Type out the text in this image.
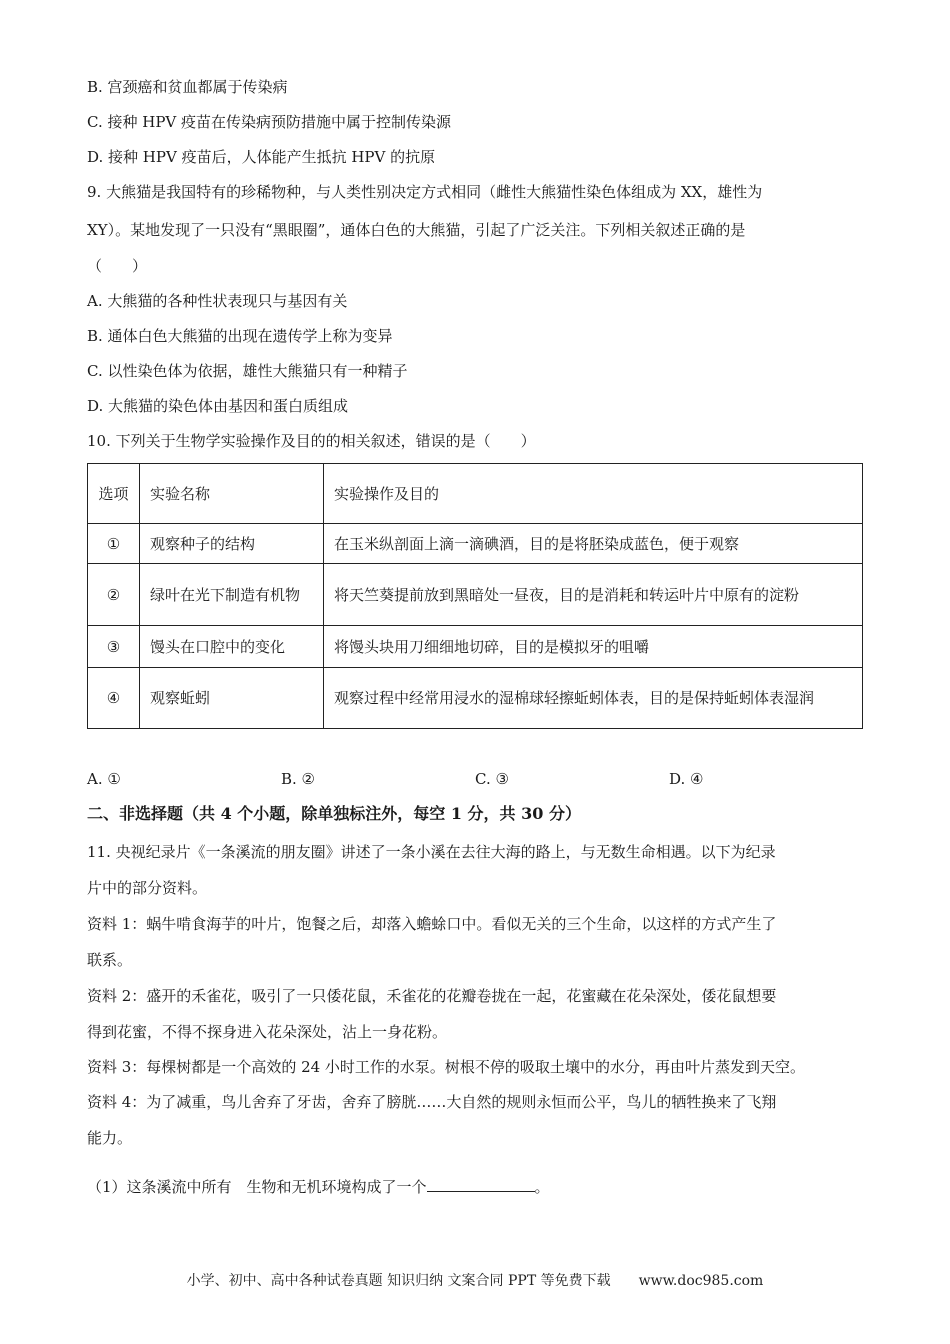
B. 宫颈癌和贫血都属于传染病
C. 接种 HPV 疫苗在传染病预防措施中属于控制传染源
D. 接种 HPV 疫苗后，人体能产生抵抗 HPV 的抗原
9. 大熊猫是我国特有的珍稀物种，与人类性别决定方式相同（雌性大熊猫性染色体组成为 XX，雄性为
XY）。某地发现了一只没有“黑眼圈”，通体白色的大熊猫，引起了广泛关注。下列相关叙述正确的是
（　　）
A. 大熊猫的各种性状表现只与基因有关
B. 通体白色大熊猫的出现在遗传学上称为变异
C. 以性染色体为依据，雄性大熊猫只有一种精子
D. 大熊猫的染色体由基因和蛋白质组成
10. 下列关于生物学实验操作及目的的相关叙述，错误的是（　　）
选项	实验名称	实验操作及目的
①	观察种子的结构	在玉米纵剖面上滴一滴碘酒，目的是将胚染成蓝色，便于观察
②	绿叶在光下制造有机物	将天竺葵提前放到黑暗处一昼夜，目的是消耗和转运叶片中原有的淀粉
③	馒头在口腔中的变化	将馒头块用刀细细地切碎，目的是模拟牙的咀嚼
④	观察蚯蚓	观察过程中经常用浸水的湿棉球轻擦蚯蚓体表，目的是保持蚯蚓体表湿润
A. ①	B. ②	C. ③	D. ④
二、非选择题（共 4 个小题，除单独标注外，每空 1 分，共 30 分）
11. 央视纪录片《一条溪流的朋友圈》讲述了一条小溪在去往大海的路上，与无数生命相遇。以下为纪录
片中的部分资料。
资料 1：蜗牛啃食海芋的叶片，饱餐之后，却落入蟾蜍口中。看似无关的三个生命，以这样的方式产生了
联系。
资料 2：盛开的禾雀花，吸引了一只倭花鼠，禾雀花的花瓣卷拢在一起，花蜜藏在花朵深处，倭花鼠想要
得到花蜜，不得不探身进入花朵深处，沾上一身花粉。
资料 3：每棵树都是一个高效的 24 小时工作的水泵。树根不停的吸取土壤中的水分，再由叶片蒸发到天空。
资料 4：为了减重，鸟儿舍弃了牙齿，舍弃了膀胱……大自然的规则永恒而公平，鸟儿的牺牲换来了飞翔
能力。
（1）这条溪流中所有　生物和无机环境构成了一个	。
小学、初中、高中各种试卷真题 知识归纳 文案合同 PPT 等免费下载　　www.doc985.com
